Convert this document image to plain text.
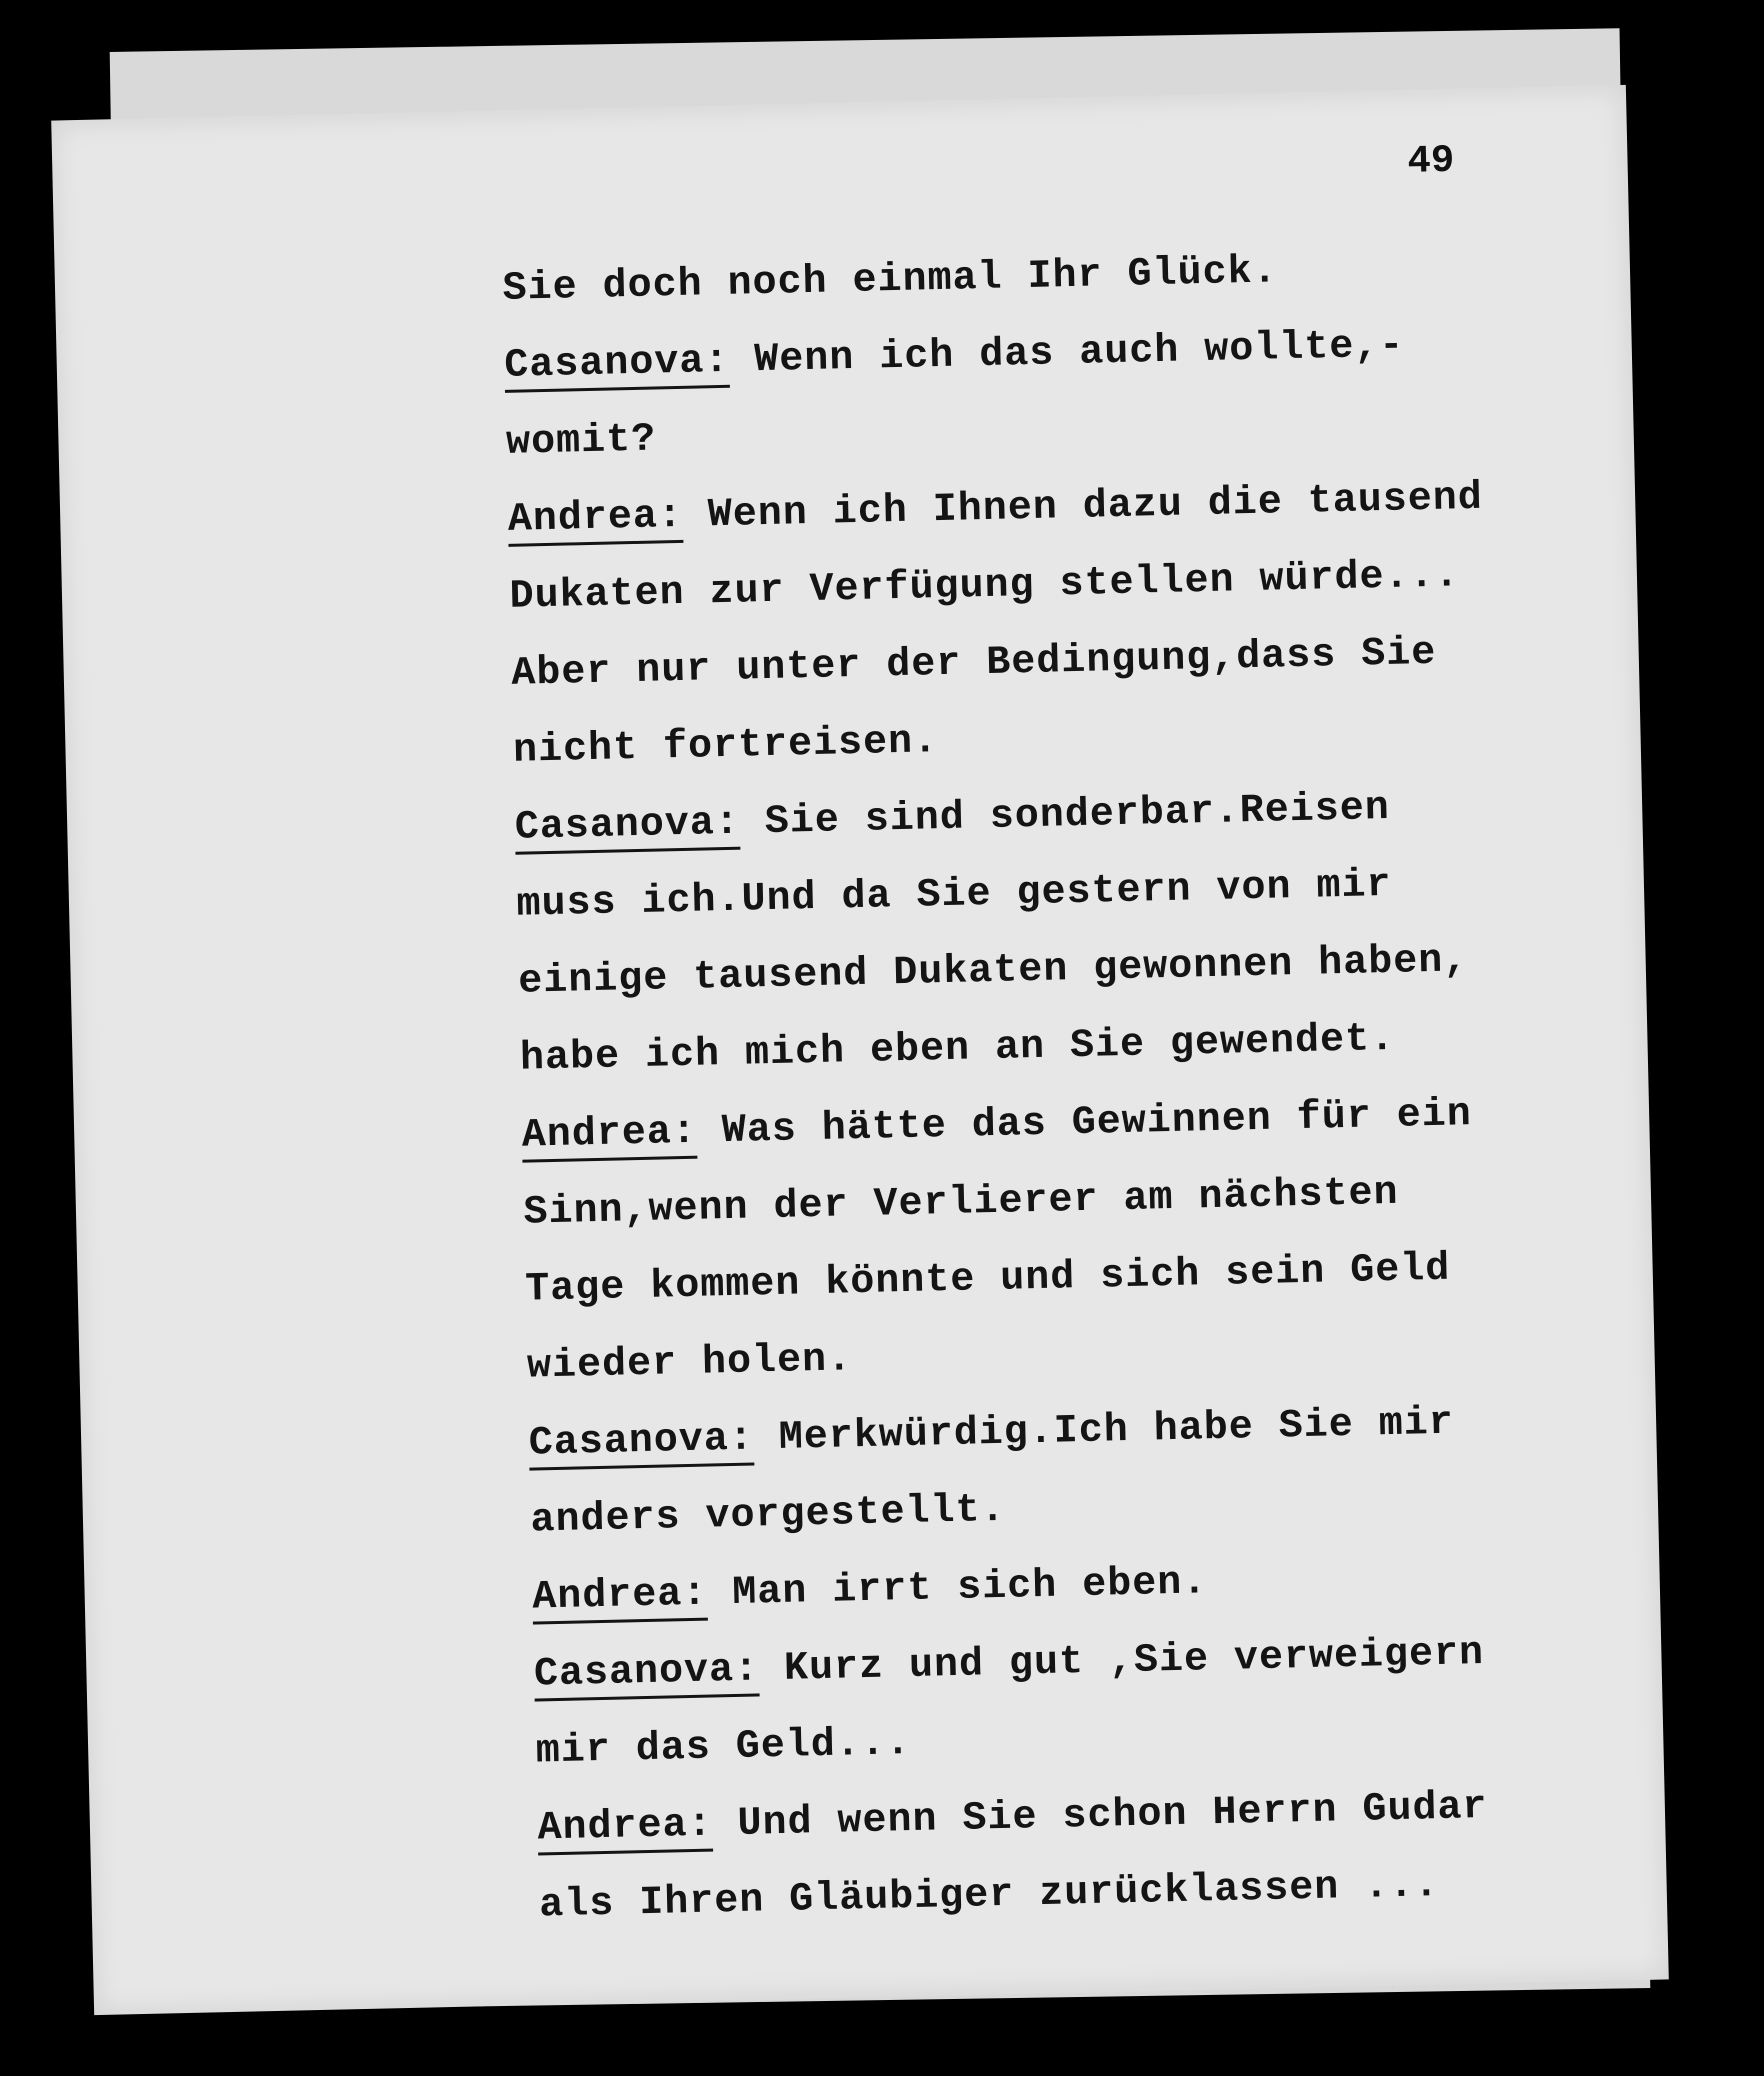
49
Sie doch noch einmal Ihr Glück.
Casanova: Wenn ich das auch wollte,-
womit?
Andrea: Wenn ich Ihnen dazu die tausend
Dukaten zur Verfügung stellen würde...
Aber nur unter der Bedingung,dass Sie
nicht fortreisen.
Casanova: Sie sind sonderbar.Reisen
muss ich.Und da Sie gestern von mir
einige tausend Dukaten gewonnen haben,
habe ich mich eben an Sie gewendet.
Andrea: Was hätte das Gewinnen für ein
Sinn,wenn der Verlierer am nächsten
Tage kommen könnte und sich sein Geld
wieder holen.
Casanova: Merkwürdig.Ich habe Sie mir
anders vorgestellt.
Andrea: Man irrt sich eben.
Casanova: Kurz und gut ,Sie verweigern
mir das Geld...
Andrea: Und wenn Sie schon Herrn Gudar
als Ihren Gläubiger zurücklassen ...
